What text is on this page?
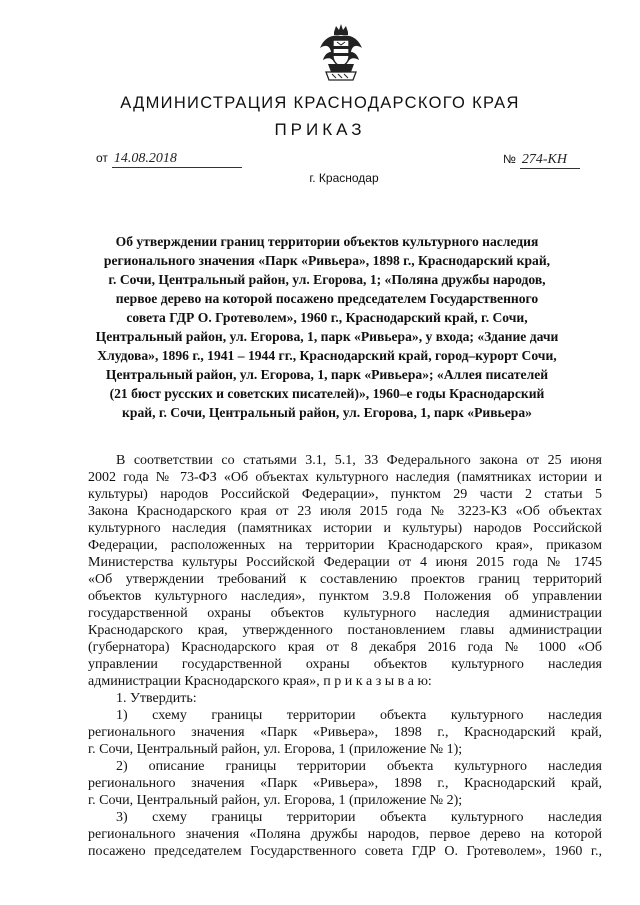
АДМИНИСТРАЦИЯ КРАСНОДАРСКОГО КРАЯ
ПРИКАЗ
от 14.08.2018	№ 274-КН
г. Краснодар
Об утверждении границ территории объектов культурного наследия
регионального значения «Парк «Ривьера», 1898 г., Краснодарский край,
г. Сочи, Центральный район, ул. Егорова, 1; «Поляна дружбы народов,
первое дерево на которой посажено председателем Государственного
совета ГДР О. Гротеволем», 1960 г., Краснодарский край, г. Сочи,
Центральный район, ул. Егорова, 1, парк «Ривьера», у входа; «Здание дачи
Хлудова», 1896 г., 1941 – 1944 гг., Краснодарский край, город–курорт Сочи,
Центральный район, ул. Егорова, 1, парк «Ривьера»; «Аллея писателей
(21 бюст русских и советских писателей)», 1960–е годы Краснодарский
край, г. Сочи, Центральный район, ул. Егорова, 1, парк «Ривьера»
В соответствии со статьями 3.1, 5.1, 33 Федерального закона от 25 июня
2002 года № 73-ФЗ «Об объектах культурного наследия (памятниках истории и
культуры) народов Российской Федерации», пунктом 29 части 2 статьи 5
Закона Краснодарского края от 23 июля 2015 года № 3223-КЗ «Об объектах
культурного наследия (памятниках истории и культуры) народов Российской
Федерации, расположенных на территории Краснодарского края», приказом
Министерства культуры Российской Федерации от 4 июня 2015 года № 1745
«Об утверждении требований к составлению проектов границ территорий
объектов культурного наследия», пунктом 3.9.8 Положения об управлении
государственной охраны объектов культурного наследия администрации
Краснодарского края, утвержденного постановлением главы администрации
(губернатора) Краснодарского края от 8 декабря 2016 года № 1000 «Об
управлении государственной охраны объектов культурного наследия
администрации Краснодарского края», п р и к а з ы в а ю:
1. Утвердить:
1) схему границы территории объекта культурного наследия
регионального значения «Парк «Ривьера», 1898 г., Краснодарский край,
г. Сочи, Центральный район, ул. Егорова, 1 (приложение № 1);
2) описание границы территории объекта культурного наследия
регионального значения «Парк «Ривьера», 1898 г., Краснодарский край,
г. Сочи, Центральный район, ул. Егорова, 1 (приложение № 2);
3) схему границы территории объекта культурного наследия
регионального значения «Поляна дружбы народов, первое дерево на которой
посажено председателем Государственного совета ГДР О. Гротеволем», 1960 г.,
